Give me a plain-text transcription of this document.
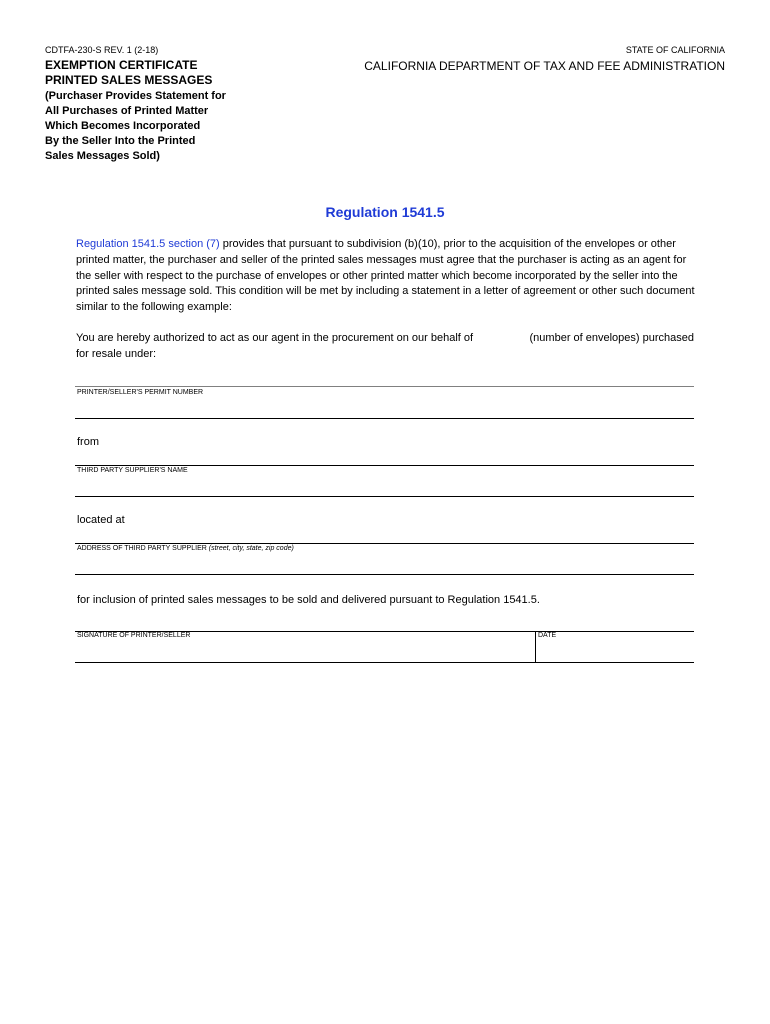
CDTFA-230-S REV. 1 (2-18)
EXEMPTION CERTIFICATE
PRINTED SALES MESSAGES
(Purchaser Provides Statement for
All Purchases of Printed Matter
Which Becomes Incorporated
By the Seller Into the Printed
Sales Messages Sold)
STATE OF CALIFORNIA
CALIFORNIA DEPARTMENT OF TAX AND FEE ADMINISTRATION
Regulation 1541.5
Regulation 1541.5 section (7) provides that pursuant to subdivision (b)(10), prior to the acquisition of the envelopes or other printed matter, the purchaser and seller of the printed sales messages must agree that the purchaser is acting as an agent for the seller with respect to the purchase of envelopes or other printed matter which become incorporated by the seller into the printed sales message sold. This condition will be met by including a statement in a letter of agreement or other such document similar to the following example:
You are hereby authorized to act as our agent in the procurement on our behalf of
for resale under:
(number of envelopes) purchased
PRINTER/SELLER'S PERMIT NUMBER
from
THIRD PARTY SUPPLIER'S NAME
located at
ADDRESS OF THIRD PARTY SUPPLIER (street, city, state, zip code)
for inclusion of printed sales messages to be sold and delivered pursuant to Regulation 1541.5.
SIGNATURE OF PRINTER/SELLER	DATE
